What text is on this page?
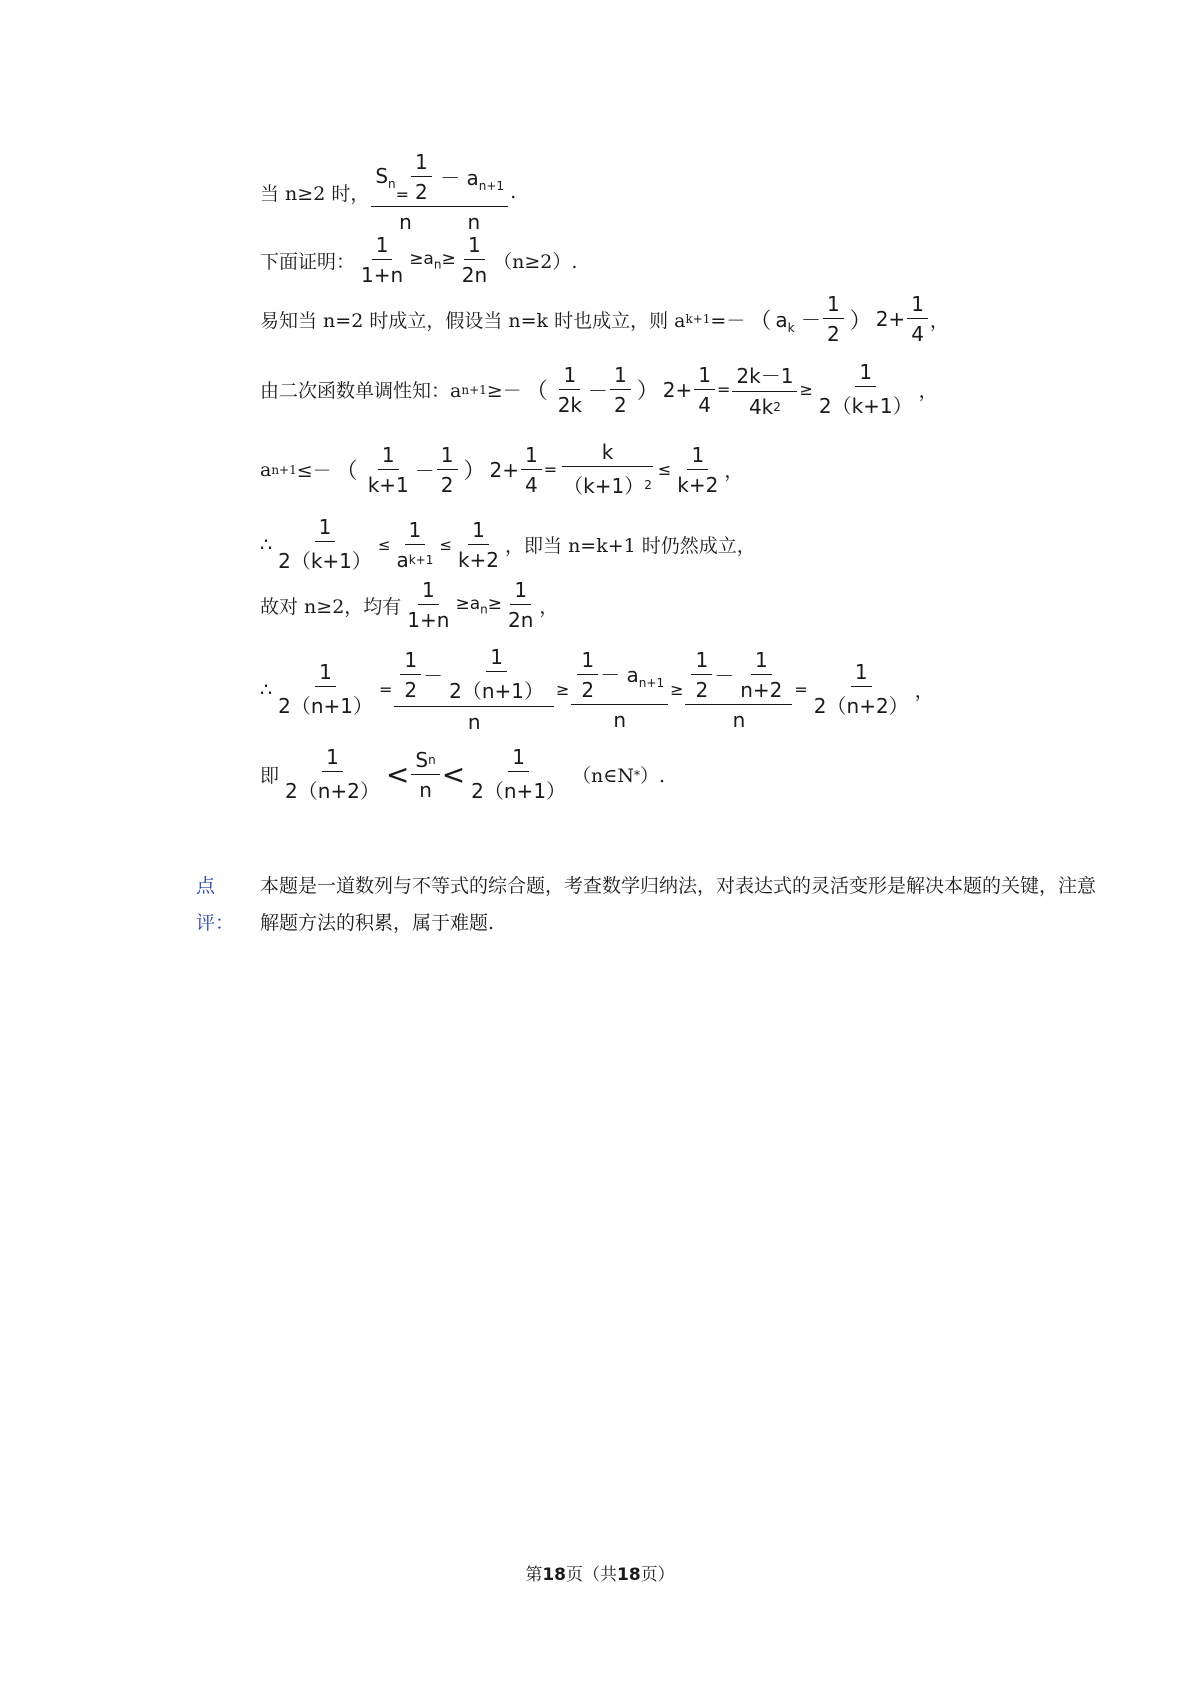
当 n≥2 时， $S_n$
= $\frac{1}{2} - a_{n+1}$
n	n .
下面证明： $\frac{1}{1+n} \ge a_n\ge \frac{1}{2n} (n\ge 2)$.
易知当 n=2 时成立，假设当 n=k 时也成立，则 a k+1 =－ （ $a_k - \frac{1}{2}$ ） $2 + \frac{1}{4}$ ，
由二次函数单调性知：a n+1 ≥－ （ $\frac{1}{2k} - \frac{1}{2}$ ） $2 + \frac{1}{4} = \frac{2k-1}{4k 2} \ge \frac{1}{2(k+1)}$ ，
a n+1 ≤－ （ $\frac{1}{k+1} - \frac{1}{2}$ ） $2 + \frac{1}{4} = \frac{k}{(k+1) 2} \le \frac{1}{k+2}$ ，
∴ $\frac{1}{2(k+1)} \le \frac{1}{\text{a k+1}} \le \frac{1}{k+2}$ ，即当 n=k+1 时仍然成立，
故对 n≥2，均有 $\frac{1}{1+n} \ge a_n\ge \frac{1}{2n}$ ，
∴ $\frac{1}{2(n+1)} = \frac{\frac{1}{2} - \frac{1}{2(n+1)}}{n} \ge \frac{\frac{1}{2} - a_{n+1}}{n} \ge \frac{\frac{1}{2} - \frac{1}{n+2}}{n} = \frac{1}{2(n+2)}$ ，
即 $\frac{1}{2(n+2)} < \frac{\text{S n}}{n} < \frac{1}{2(n+1)}$ （n∈N * ）.
点
评：
本题是一道数列与不等式的综合题，考查数学归纳法，对表达式的灵活变形是解决本题的关键，注意解题方法的积累，属于难题.
第18页（共18页）
